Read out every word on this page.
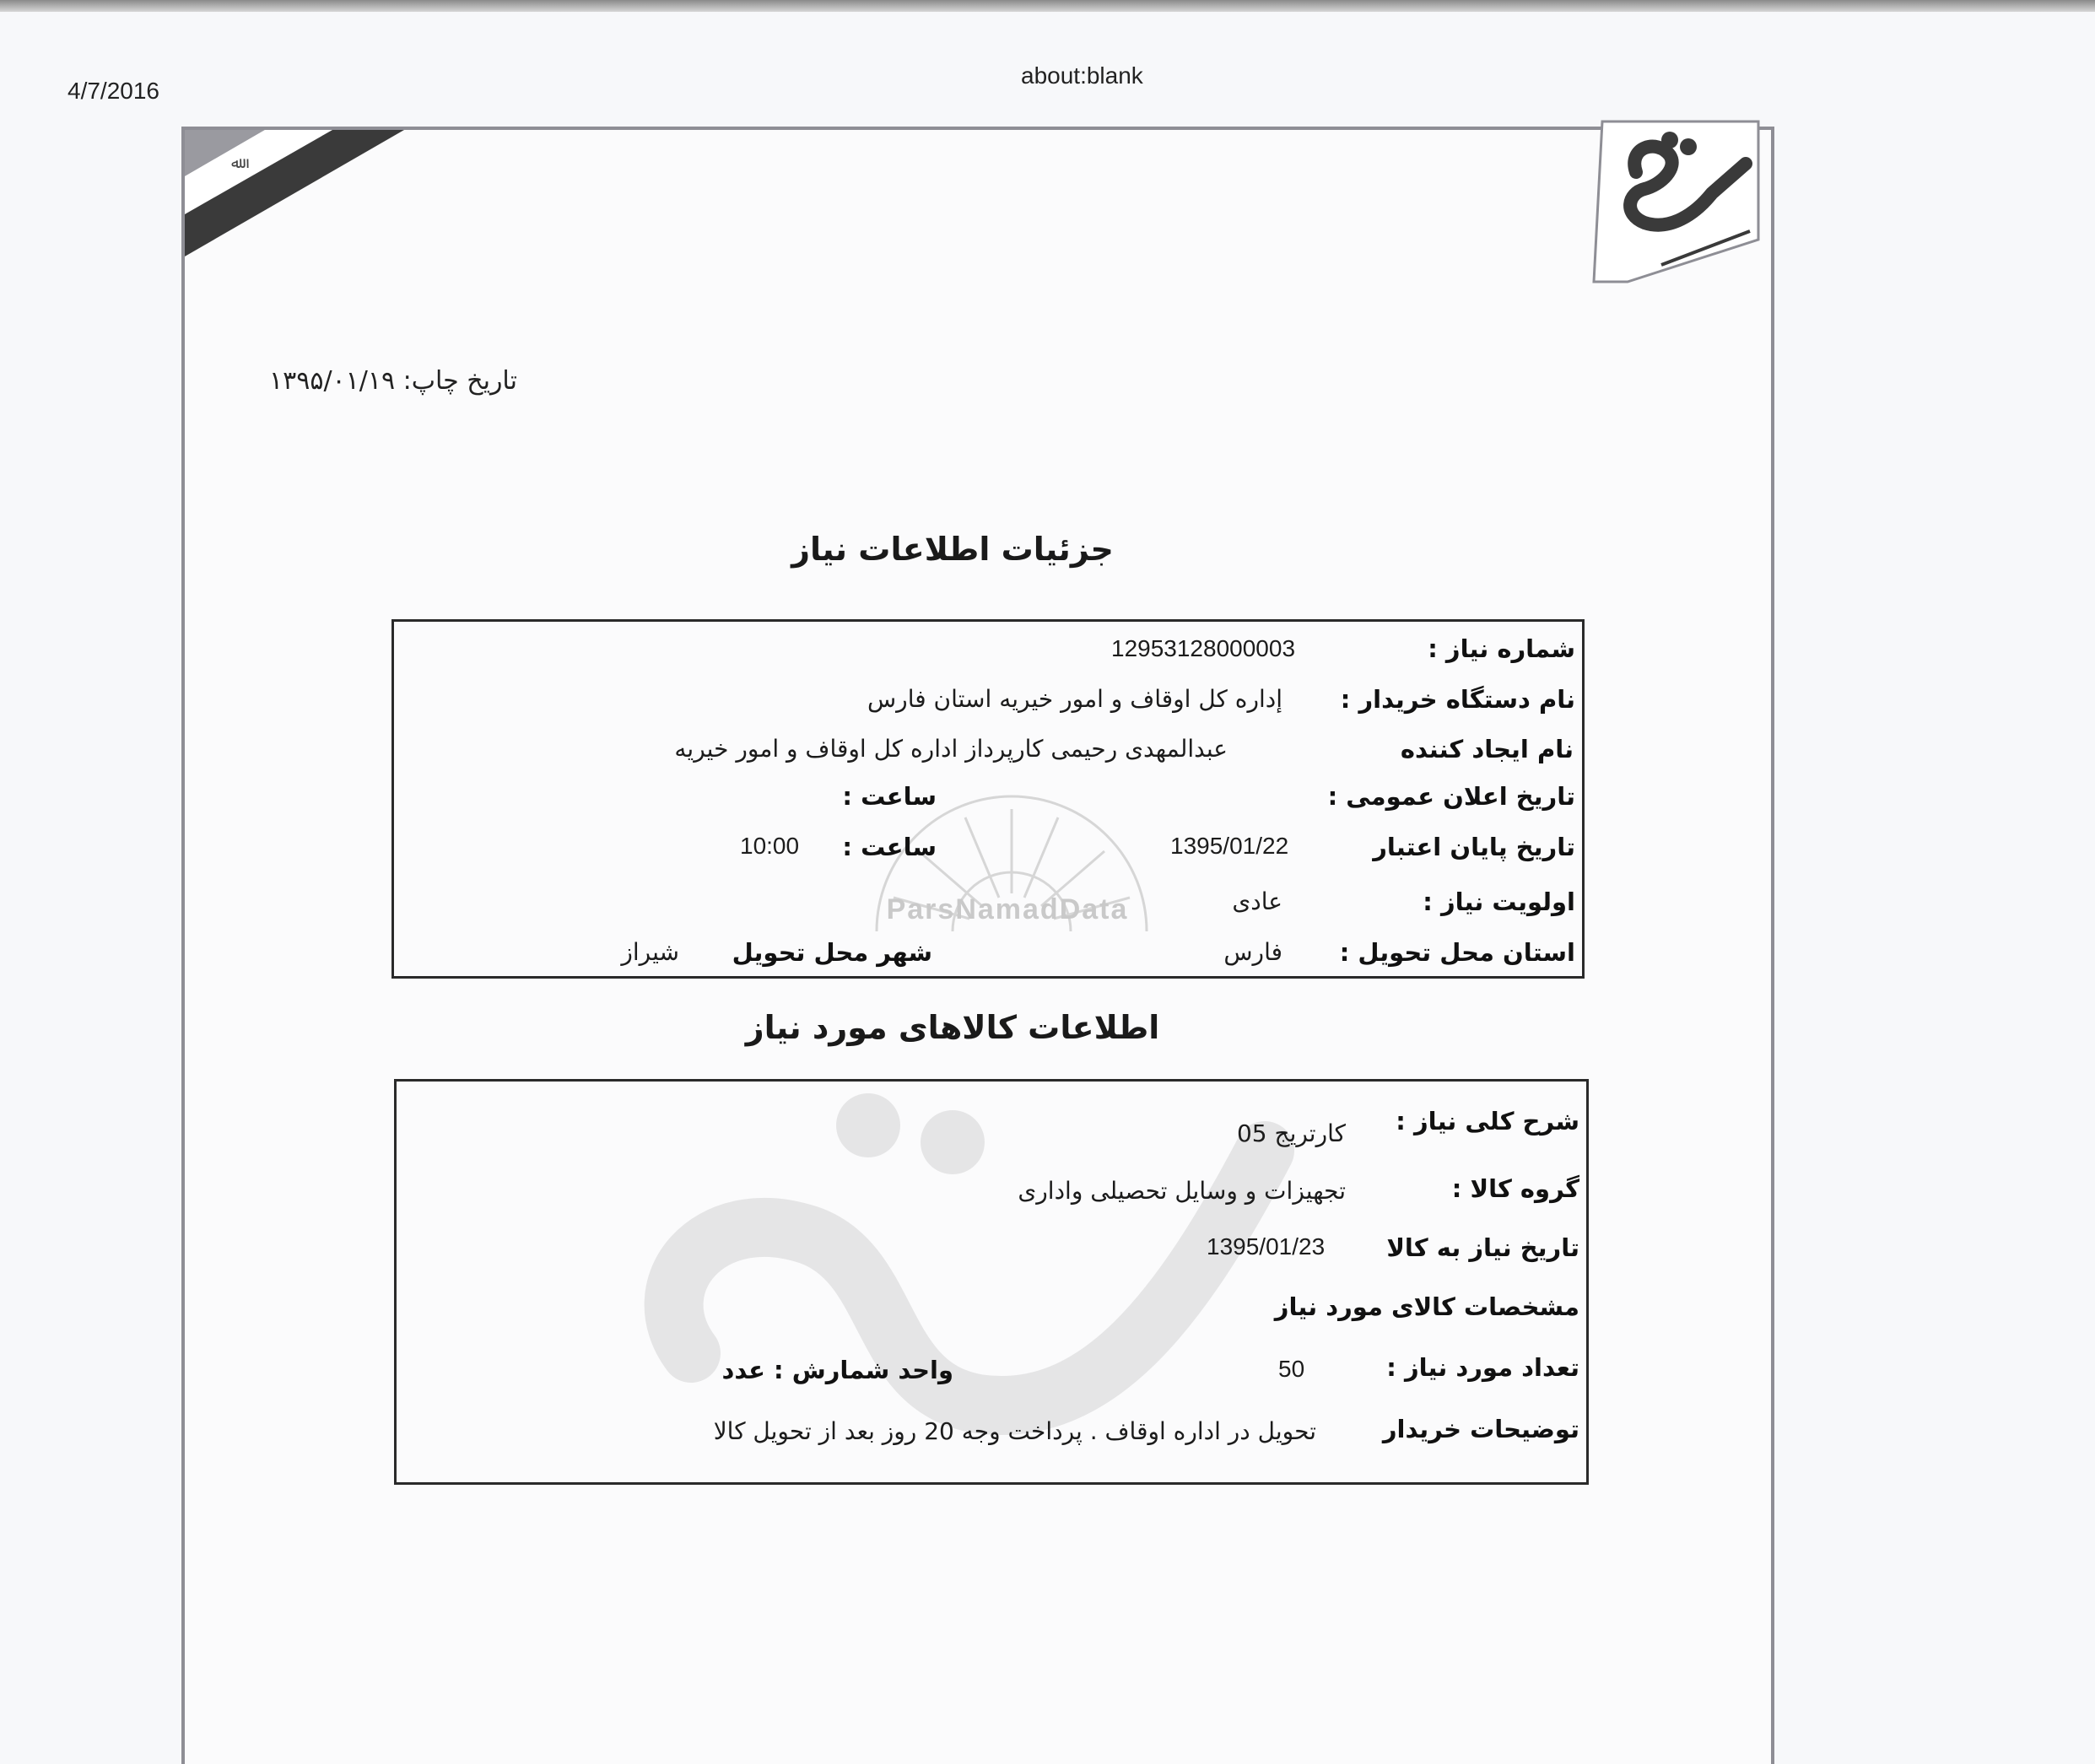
4/7/2016
about:blank
ﷲ
تاریخ چاپ: ۱۳۹۵/۰۱/۱۹
جزئیات اطلاعات نیاز
ParsNamadData
شماره نیاز :
12953128000003
نام دستگاه خریدار :
إداره کل اوقاف و امور خیریه استان فارس
نام ایجاد کننده
عبدالمهدی رحیمی کارپرداز اداره کل اوقاف و امور خیریه
تاریخ اعلان عمومی :
ساعت :
تاریخ پایان اعتبار
1395/01/22
ساعت :
10:00
اولویت نیاز :
عادی
استان محل تحویل :
فارس
شهر محل تحویل
شیراز
اطلاعات کالاهای مورد نیاز
شرح کلی نیاز :
کارتریج 05
گروه کالا :
تجهیزات و وسایل تحصیلی واداری
تاریخ نیاز به کالا
1395/01/23
مشخصات کالای مورد نیاز
تعداد مورد نیاز :
50
واحد شمارش : عدد
توضیحات خریدار
تحویل در اداره اوقاف . پرداخت وجه 20 روز بعد از تحویل کالا
